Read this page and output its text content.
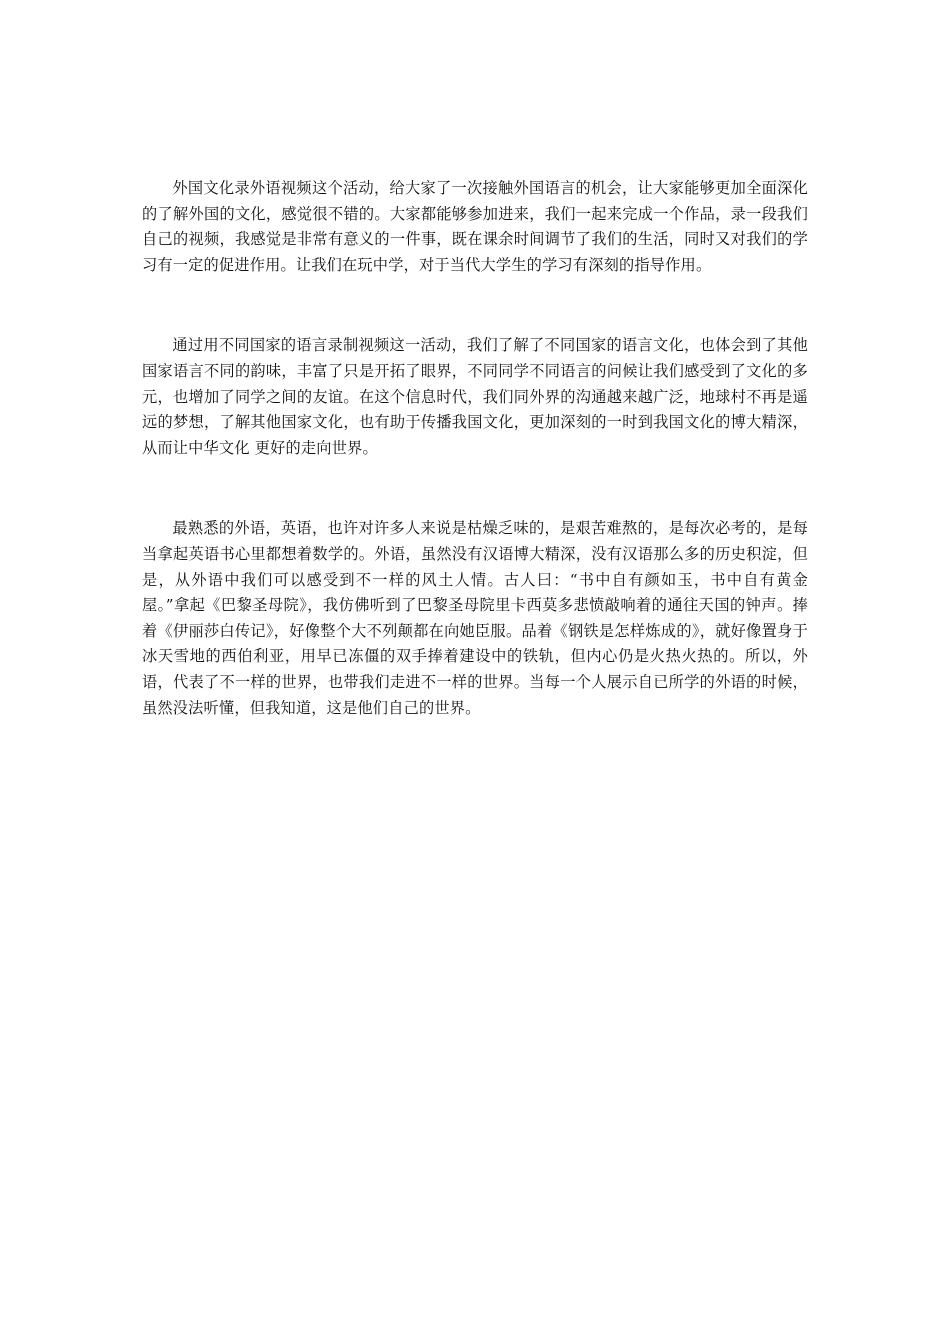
外国文化录外语视频这个活动，给大家了一次接触外国语言的机会，让大家能够更加全面深化的了解外国的文化，感觉很不错的。大家都能够参加进来，我们一起来完成一个作品，录一段我们自己的视频，我感觉是非常有意义的一件事，既在课余时间调节了我们的生活，同时又对我们的学习有一定的促进作用。让我们在玩中学，对于当代大学生的学习有深刻的指导作用。

通过用不同国家的语言录制视频这一活动，我们了解了不同国家的语言文化，也体会到了其他国家语言不同的韵味，丰富了只是开拓了眼界，不同同学不同语言的问候让我们感受到了文化的多元，也增加了同学之间的友谊。在这个信息时代，我们同外界的沟通越来越广泛，地球村不再是遥远的梦想，了解其他国家文化，也有助于传播我国文化，更加深刻的一时到我国文化的博大精深，从而让中华文化 更好的走向世界。

最熟悉的外语，英语，也许对许多人来说是枯燥乏味的，是艰苦难熬的，是每次必考的，是每当拿起英语书心里都想着数学的。外语，虽然没有汉语博大精深，没有汉语那么多的历史积淀，但是，从外语中我们可以感受到不一样的风土人情。古人曰：“书中自有颜如玉，书中自有黄金屋。”拿起《巴黎圣母院》，我仿佛听到了巴黎圣母院里卡西莫多悲愤敲响着的通往天国的钟声。捧着《伊丽莎白传记》，好像整个大不列颠都在向她臣服。品着《钢铁是怎样炼成的》，就好像置身于冰天雪地的西伯利亚，用早已冻僵的双手捧着建设中的铁轨，但内心仍是火热火热的。所以，外语，代表了不一样的世界，也带我们走进不一样的世界。当每一个人展示自已所学的外语的时候，虽然没法听懂，但我知道，这是他们自己的世界。
